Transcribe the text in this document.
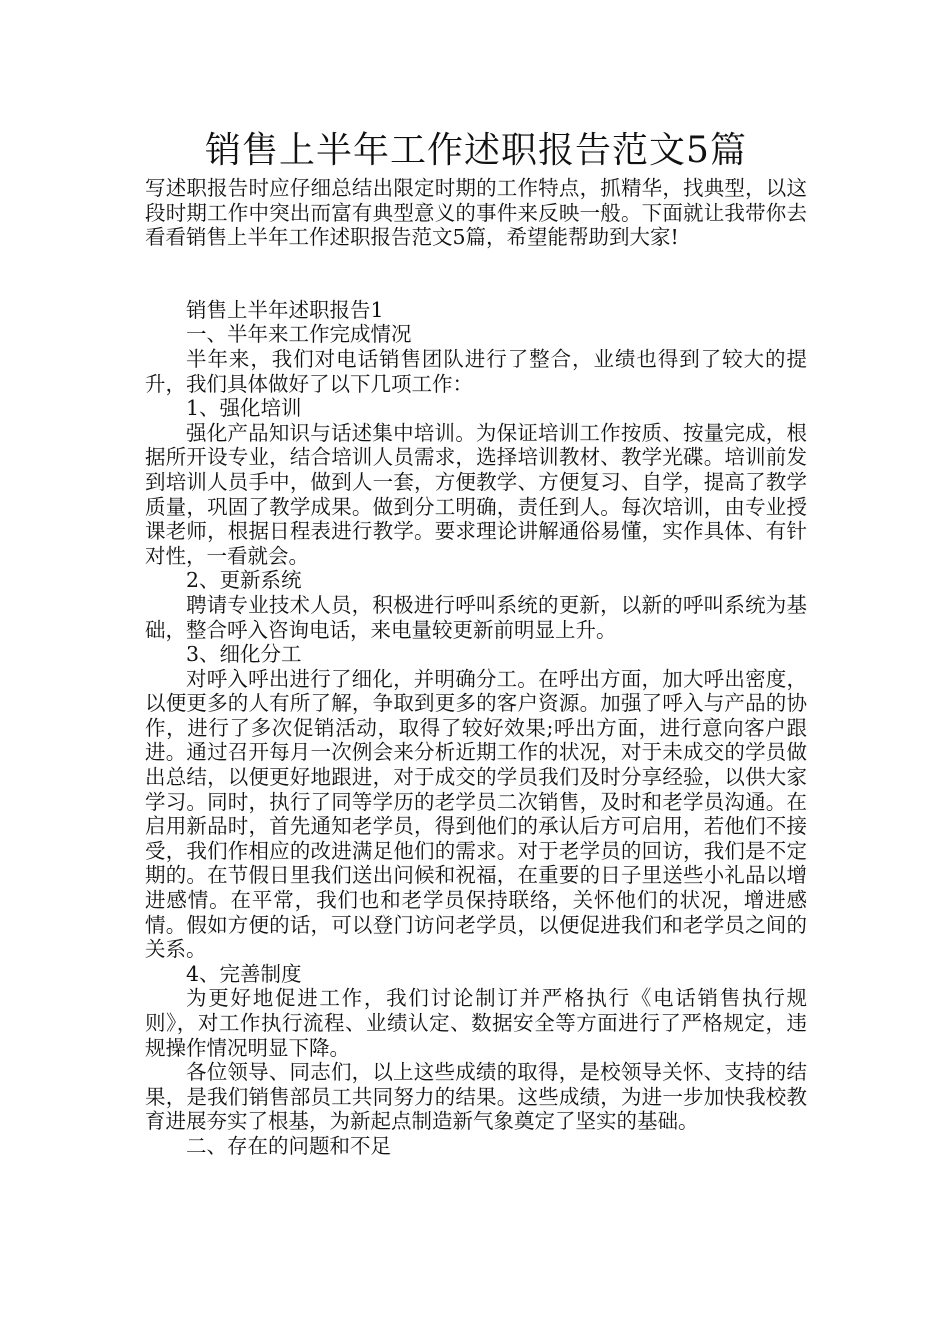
销售上半年工作述职报告范文5篇

写述职报告时应仔细总结出限定时期的工作特点，抓精华，找典型，以这段时期工作中突出而富有典型意义的事件来反映一般。下面就让我带你去看看销售上半年工作述职报告范文5篇，希望能帮助到大家!

销售上半年述职报告1

一、半年来工作完成情况

半年来，我们对电话销售团队进行了整合，业绩也得到了较大的提升，我们具体做好了以下几项工作：

1、强化培训

强化产品知识与话述集中培训。为保证培训工作按质、按量完成，根据所开设专业，结合培训人员需求，选择培训教材、教学光碟。培训前发到培训人员手中，做到人一套，方便教学、方便复习、自学，提高了教学质量，巩固了教学成果。做到分工明确，责任到人。每次培训，由专业授课老师，根据日程表进行教学。要求理论讲解通俗易懂，实作具体、有针对性，一看就会。

2、更新系统

聘请专业技术人员，积极进行呼叫系统的更新，以新的呼叫系统为基础，整合呼入咨询电话，来电量较更新前明显上升。

3、细化分工

对呼入呼出进行了细化，并明确分工。在呼出方面，加大呼出密度，以便更多的人有所了解，争取到更多的客户资源。加强了呼入与产品的协作，进行了多次促销活动，取得了较好效果;呼出方面，进行意向客户跟进。通过召开每月一次例会来分析近期工作的状况，对于未成交的学员做出总结，以便更好地跟进，对于成交的学员我们及时分享经验，以供大家学习。同时，执行了同等学历的老学员二次销售，及时和老学员沟通。在启用新品时，首先通知老学员，得到他们的承认后方可启用，若他们不接受，我们作相应的改进满足他们的需求。对于老学员的回访，我们是不定期的。在节假日里我们送出问候和祝福，在重要的日子里送些小礼品以增进感情。在平常，我们也和老学员保持联络，关怀他们的状况，增进感情。假如方便的话，可以登门访问老学员，以便促进我们和老学员之间的关系。

4、完善制度

为更好地促进工作，我们讨论制订并严格执行《电话销售执行规则》，对工作执行流程、业绩认定、数据安全等方面进行了严格规定，违规操作情况明显下降。

各位领导、同志们，以上这些成绩的取得，是校领导关怀、支持的结果，是我们销售部员工共同努力的结果。这些成绩，为进一步加快我校教育进展夯实了根基，为新起点制造新气象奠定了坚实的基础。

二、存在的问题和不足
